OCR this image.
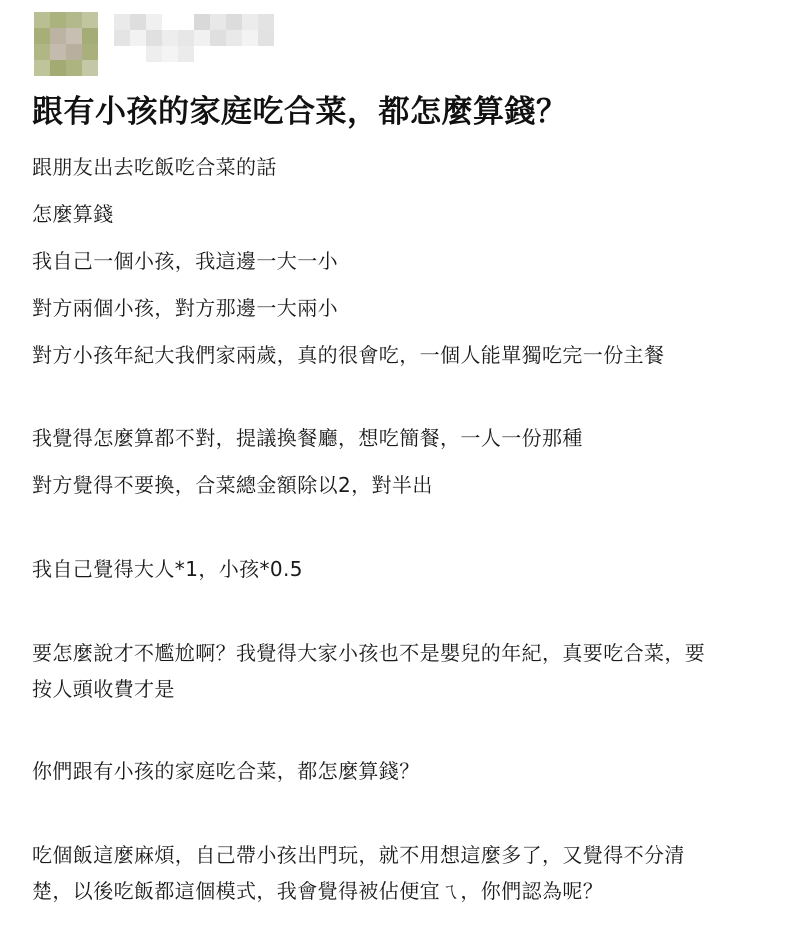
跟有小孩的家庭吃合菜，都怎麼算錢？
跟朋友出去吃飯吃合菜的話
怎麼算錢
我自己一個小孩，我這邊一大一小
對方兩個小孩，對方那邊一大兩小
對方小孩年紀大我們家兩歲，真的很會吃，一個人能單獨吃完一份主餐
我覺得怎麼算都不對，提議換餐廳，想吃簡餐，一人一份那種
對方覺得不要換，合菜總金額除以2，對半出
我自己覺得大人*1，小孩*0.5
要怎麼說才不尷尬啊？我覺得大家小孩也不是嬰兒的年紀，真要吃合菜，要
按人頭收費才是
你們跟有小孩的家庭吃合菜，都怎麼算錢？
吃個飯這麼麻煩，自己帶小孩出門玩，就不用想這麼多了，又覺得不分清
楚，以後吃飯都這個模式，我會覺得被佔便宜ㄟ，你們認為呢？
